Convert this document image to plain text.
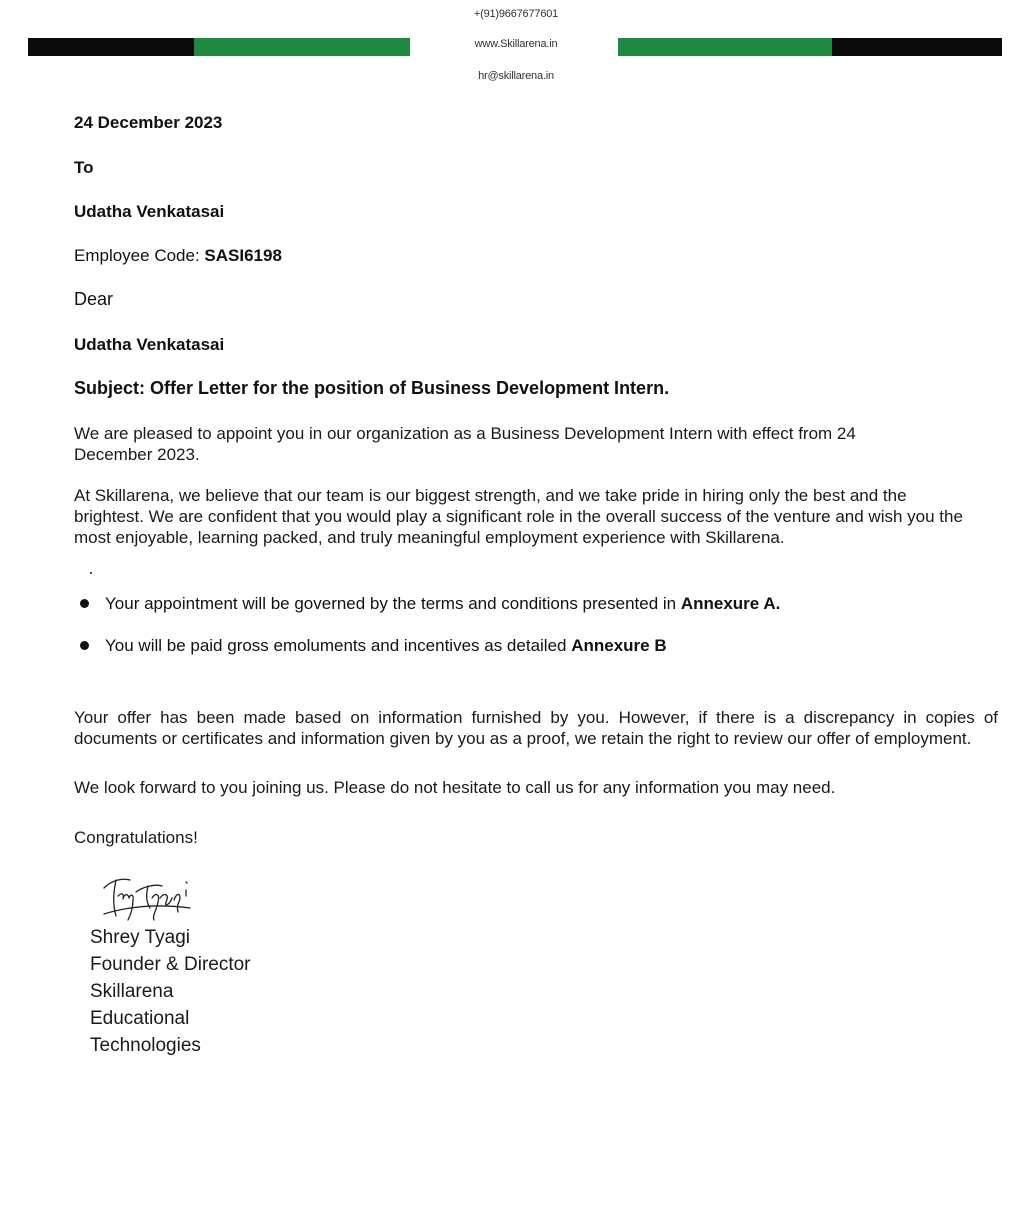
+(91)9667677601
www.Skillarena.in
hr@skillarena.in
24 December 2023
To
Udatha Venkatasai
Employee Code: SASI6198
Dear
Udatha Venkatasai
Subject: Offer Letter for the position of Business Development Intern.
We are pleased to appoint you in our organization as a Business Development Intern with effect from 24 December 2023.
At Skillarena, we believe that our team is our biggest strength, and we take pride in hiring only the best and the brightest. We are confident that you would play a significant role in the overall success of the venture and wish you the most enjoyable, learning packed, and truly meaningful employment experience with Skillarena.
Your appointment will be governed by the terms and conditions presented in Annexure A.
You will be paid gross emoluments and incentives as detailed Annexure B
Your offer has been made based on information furnished by you. However, if there is a discrepancy in copies of documents or certificates and information given by you as a proof, we retain the right to review our offer of employment.
We look forward to you joining us. Please do not hesitate to call us for any information you may need.
Congratulations!
Shrey Tyagi
Founder & Director
Skillarena
Educational
Technologies
